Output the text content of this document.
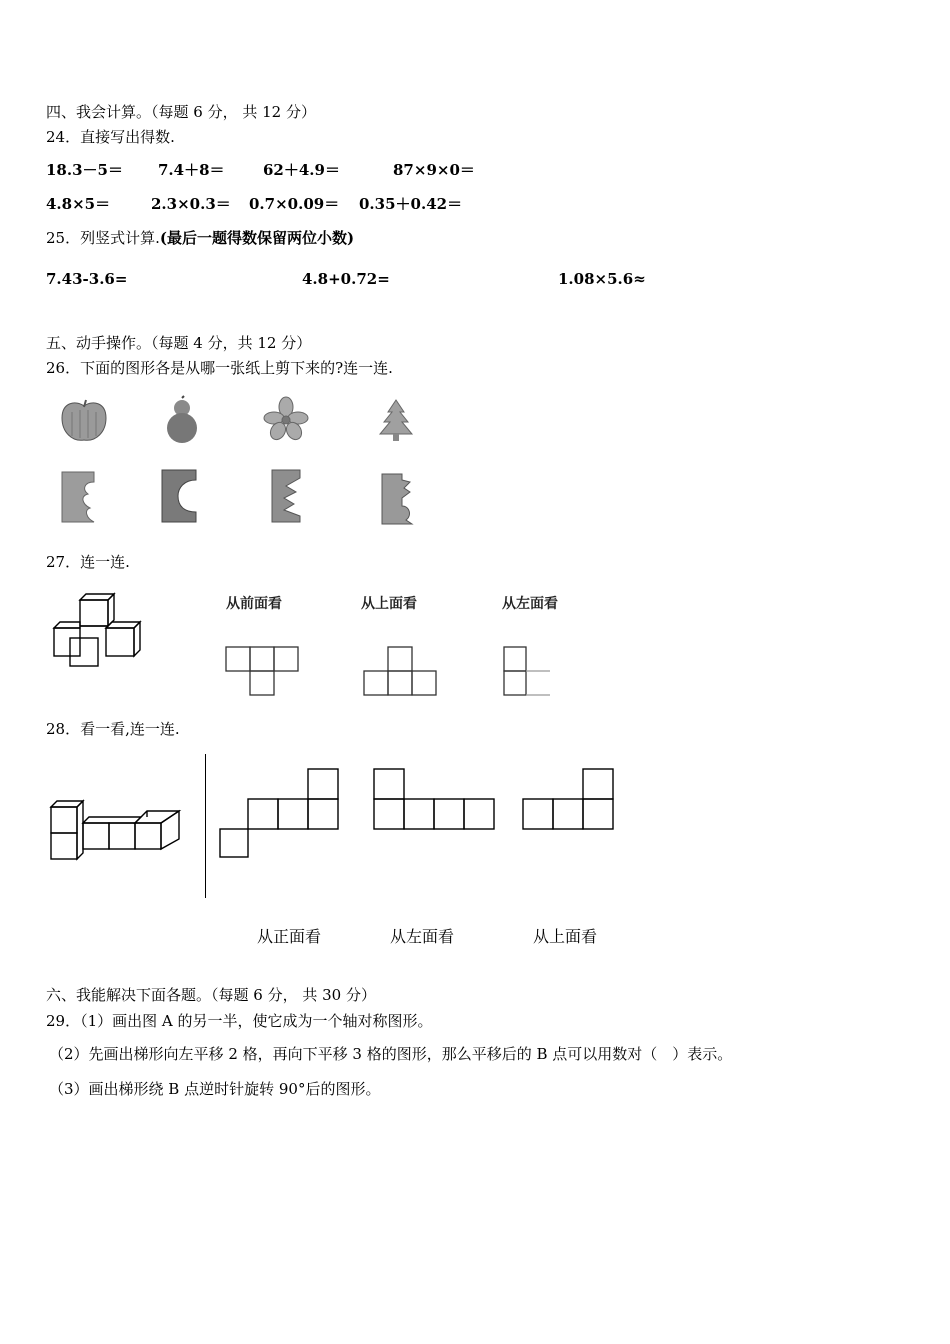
四、我会计算。（每题 6 分， 共 12 分）
24．直接写出得数.
18.3－5＝ 7.4＋8＝	62＋4.9＝	87×9×0＝
4.8×5＝	2.3×0.3＝ 0.7×0.09＝ 0.35＋0.42＝
25．列竖式计算.(最后一题得数保留两位小数)
7.43-3.6=	4.8+0.72=	1.08×5.6≈
五、动手操作。（每题 4 分，共 12 分）
26．下面的图形各是从哪一张纸上剪下来的?连一连.
27．连一连.
从前面看	从上面看	从左面看
28．看一看,连一连.
从正面看	从左面看	从上面看
六、我能解决下面各题。（每题 6 分， 共 30 分）
29．（1）画出图 A 的另一半，使它成为一个轴对称图形。
（2）先画出梯形向左平移 2 格，再向下平移 3 格的图形，那么平移后的 B 点可以用数对（　）表示。
（3）画出梯形绕 B 点逆时针旋转 90°后的图形。
